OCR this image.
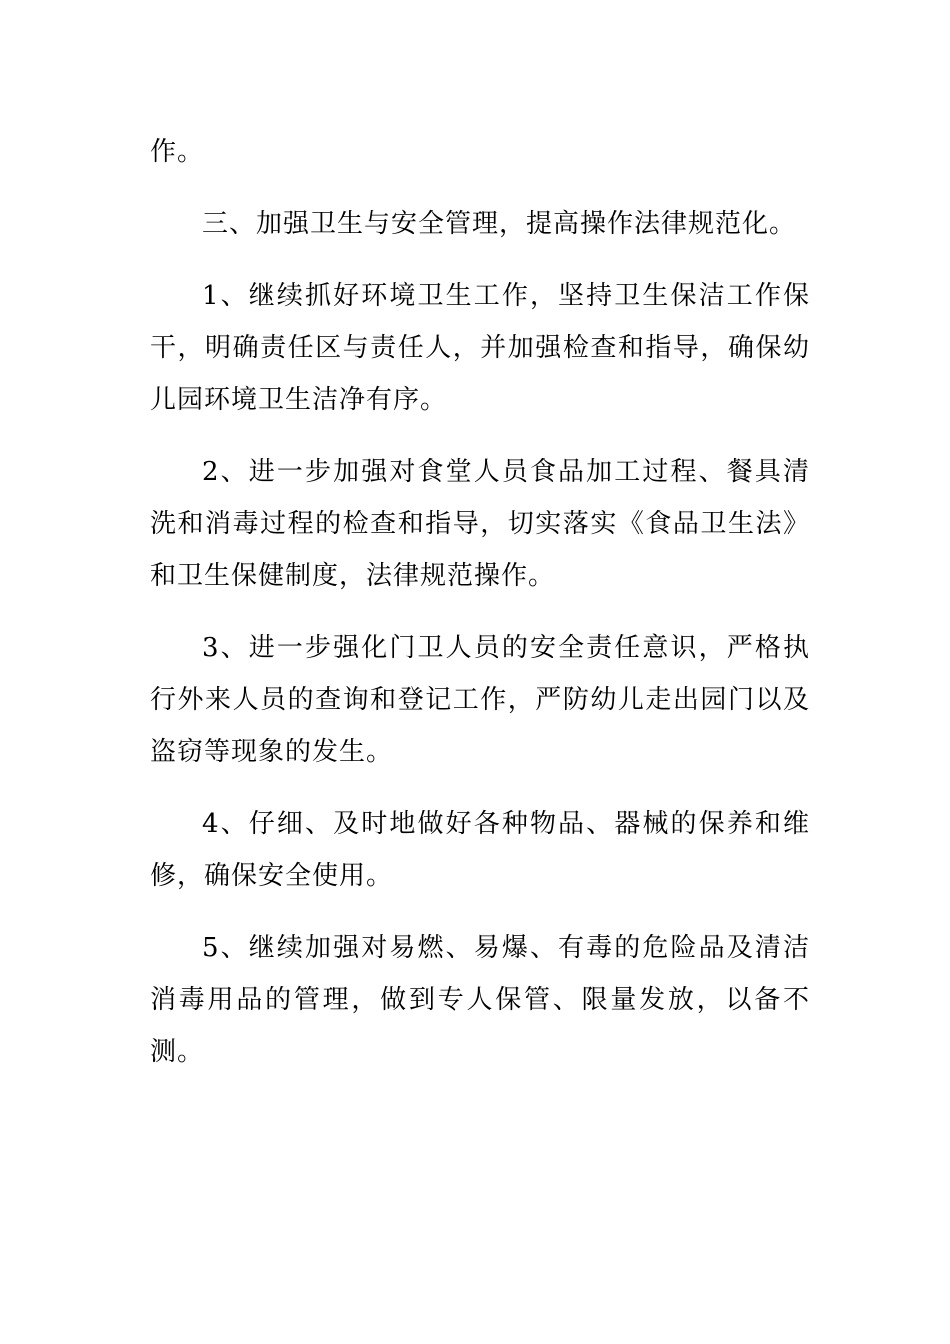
作。

三、加强卫生与安全管理，提高操作法律规范化。

1、继续抓好环境卫生工作，坚持卫生保洁工作保干，明确责任区与责任人，并加强检查和指导，确保幼儿园环境卫生洁净有序。

2、进一步加强对食堂人员食品加工过程、餐具清洗和消毒过程的检查和指导，切实落实《食品卫生法》和卫生保健制度，法律规范操作。

3、进一步强化门卫人员的安全责任意识，严格执行外来人员的查询和登记工作，严防幼儿走出园门以及盗窃等现象的发生。

4、仔细、及时地做好各种物品、器械的保养和维修，确保安全使用。

5、继续加强对易燃、易爆、有毒的危险品及清洁消毒用品的管理，做到专人保管、限量发放，以备不测。
